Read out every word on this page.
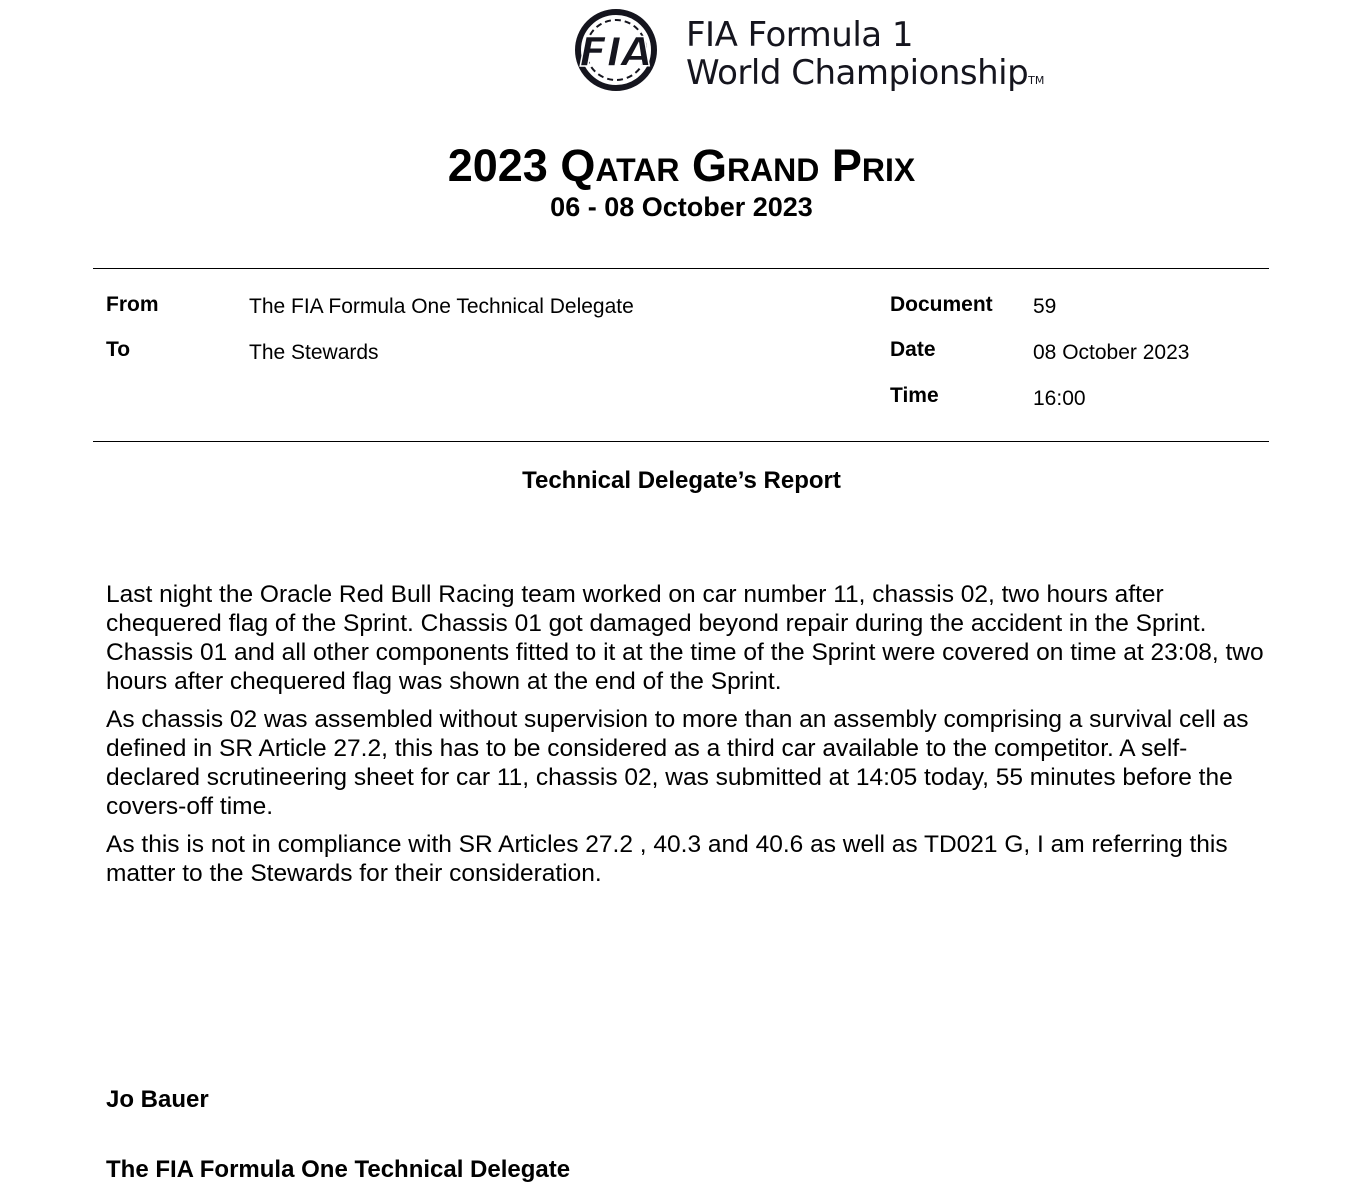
FIA FIA Formula 1
World ChampionshipTM
2023 Qatar Grand Prix
06 - 08 October 2023
From	The FIA Formula One Technical Delegate
To	The Stewards
Document 59
Date	08 October 2023
Time	16:00
Technical Delegate’s Report

Last night the Oracle Red Bull Racing team worked on car number 11, chassis 02, two hours after chequered flag of the Sprint. Chassis 01 got damaged beyond repair during the accident in the Sprint. Chassis 01 and all other components fitted to it at the time of the Sprint were covered on time at 23:08, two hours after chequered flag was shown at the end of the Sprint.

As chassis 02 was assembled without supervision to more than an assembly comprising a survival cell as defined in SR Article 27.2, this has to be considered as a third car available to the competitor. A self-declared scrutineering sheet for car 11, chassis 02, was submitted at 14:05 today, 55 minutes before the covers-off time.

As this is not in compliance with SR Articles 27.2 , 40.3 and 40.6 as well as TD021 G, I am referring this matter to the Stewards for their consideration.

Jo Bauer
The FIA Formula One Technical Delegate
